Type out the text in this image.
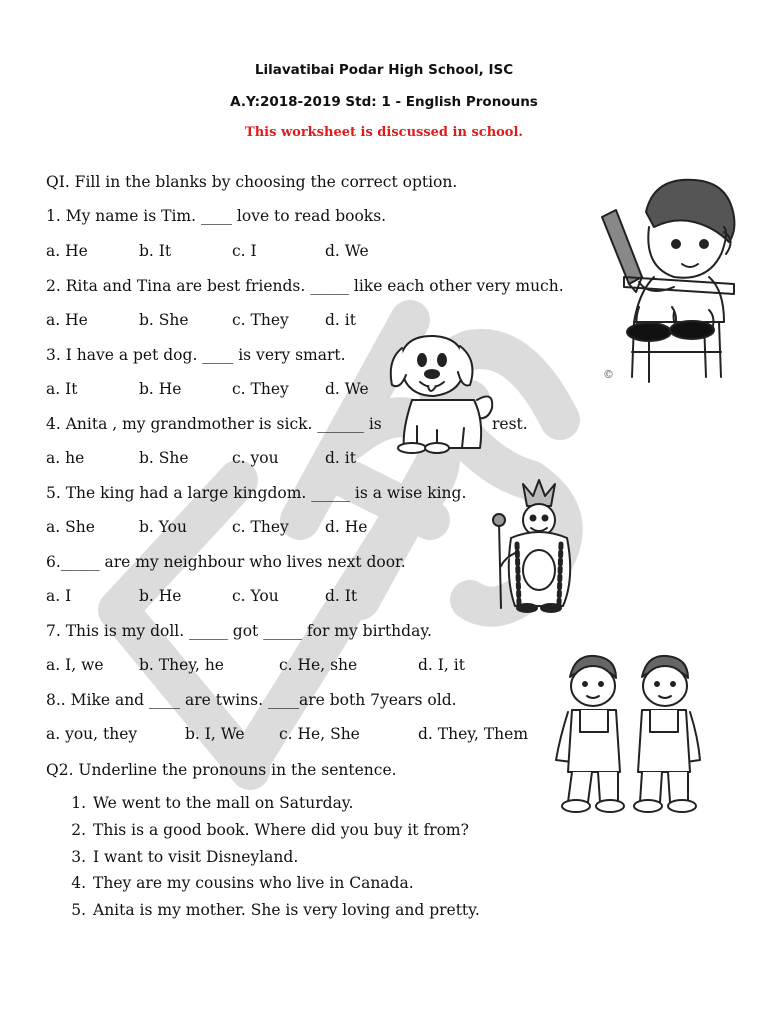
Lilavatibai Podar High School, ISC
A.Y:2018-2019 Std: 1 - English Pronouns
This worksheet is discussed in school.
QI. Fill in the blanks by choosing the correct option.
1. My name is Tim. ____ love to read books.
a. He	b. It	c. I	d. We
2. Rita and Tina are best friends. _____ like each other very much.
a. He	b. She	c. They d. it
3. I have a pet dog. ____ is very smart.
a. It	b. He	c. They d. We
4. Anita , my grandmother is sick. ______ is	rest.
a. he	b. She	c. you	d. it
5. The king had a large kingdom. _____ is a wise king.
a. She	b. You	c. They d. He
6._____ are my neighbour who lives next door.
a. I	b. He	c. You	d. It
7. This is my doll. _____ got _____ for my birthday.
a. I, we b. They, he	c. He, she	d. I, it
8.. Mike and ____ are twins. ____are both 7years old.
a. you, they	b. I, We c. He, She	d. They, Them
Q2. Underline the pronouns in the sentence.
1. We went to the mall on Saturday.
2. This is a good book. Where did you buy it from?
3. I want to visit Disneyland.
4. They are my cousins who live in Canada.
5. Anita is my mother. She is very loving and pretty.
©
